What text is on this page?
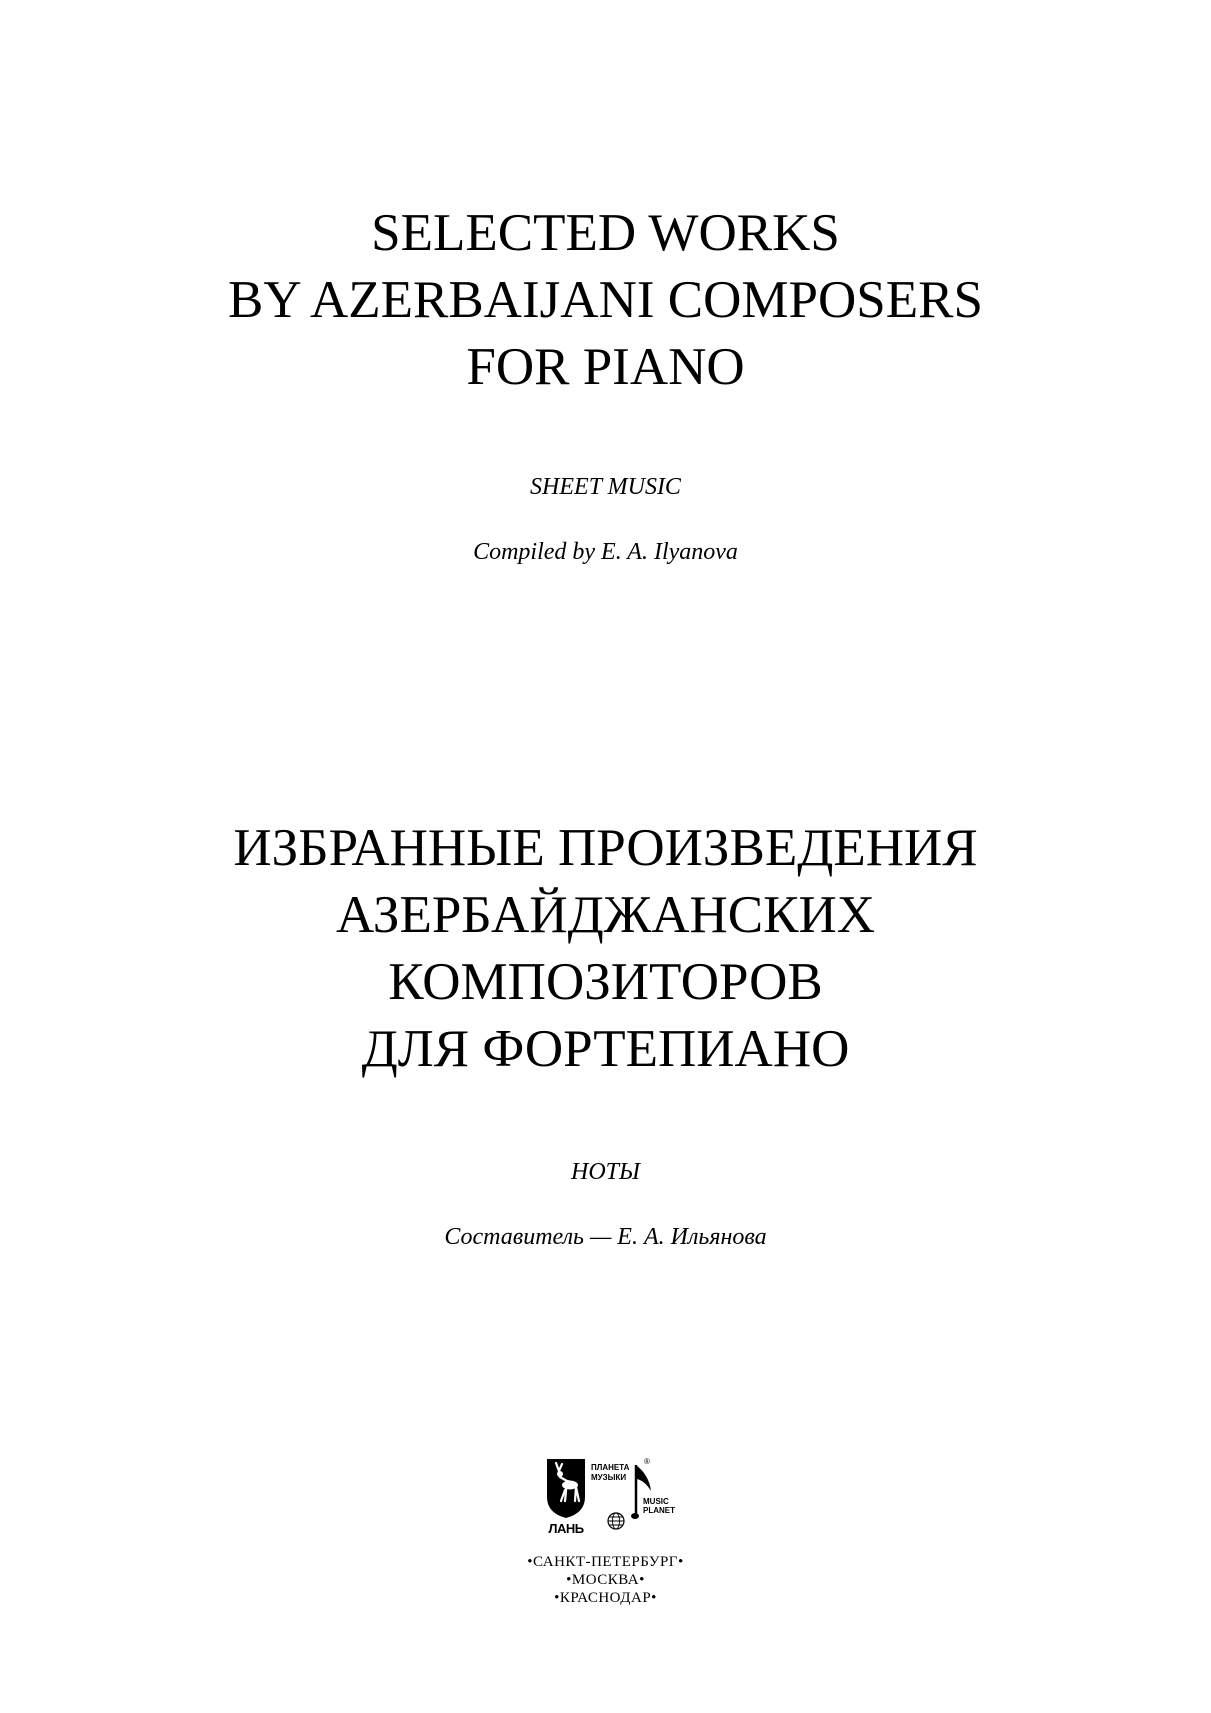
SELECTED WORKS
BY AZERBAIJANI COMPOSERS
FOR PIANO
SHEET MUSIC
Compiled by E. A. Ilyanova
ИЗБРАННЫЕ ПРОИЗВЕДЕНИЯ
АЗЕРБАЙДЖАНСКИХ
КОМПОЗИТОРОВ
ДЛЯ ФОРТЕПИАНО
НОТЫ
Составитель — Е. А. Ильянова
ЛАНЬ
ПЛАНЕТА
МУЗЫКИ
®
MUSIC
PLANET
•САНКТ-ПЕТЕРБУРГ•
•МОСКВА•
•КРАСНОДАР•
